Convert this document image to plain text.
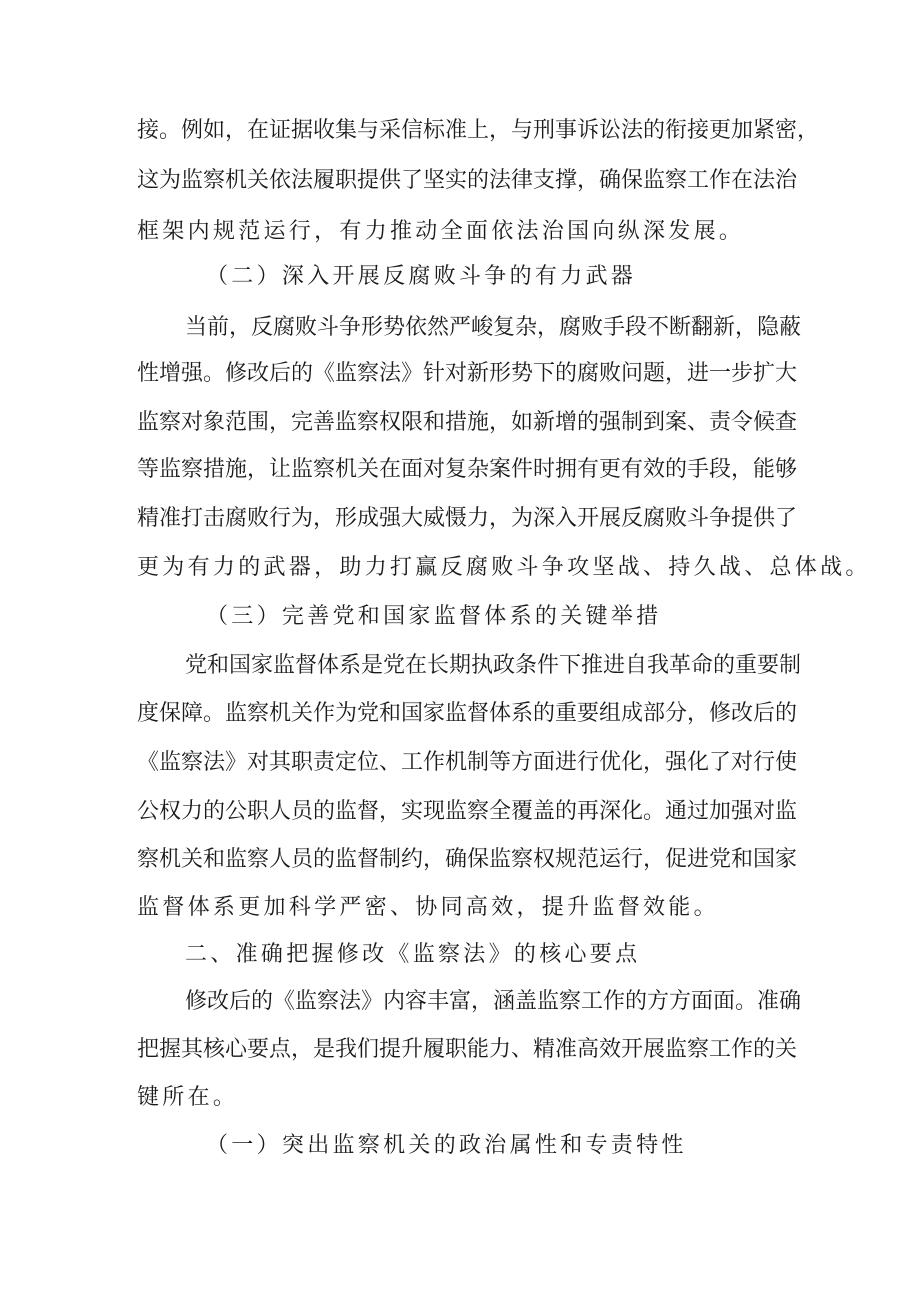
接。例如，在证据收集与采信标准上，与刑事诉讼法的衔接更加紧密，
这为监察机关依法履职提供了坚实的法律支撑，确保监察工作在法治
框架内规范运行，有力推动全面依法治国向纵深发展。
（二）深入开展反腐败斗争的有力武器
当前，反腐败斗争形势依然严峻复杂，腐败手段不断翻新，隐蔽
性增强。修改后的《监察法》针对新形势下的腐败问题，进一步扩大
监察对象范围，完善监察权限和措施，如新增的强制到案、责令候查
等监察措施，让监察机关在面对复杂案件时拥有更有效的手段，能够
精准打击腐败行为，形成强大威慑力，为深入开展反腐败斗争提供了
更为有力的武器，助力打赢反腐败斗争攻坚战、持久战、总体战。
（三）完善党和国家监督体系的关键举措
党和国家监督体系是党在长期执政条件下推进自我革命的重要制
度保障。监察机关作为党和国家监督体系的重要组成部分，修改后的
《监察法》对其职责定位、工作机制等方面进行优化，强化了对行使
公权力的公职人员的监督，实现监察全覆盖的再深化。通过加强对监
察机关和监察人员的监督制约，确保监察权规范运行，促进党和国家
监督体系更加科学严密、协同高效，提升监督效能。
二、准确把握修改《监察法》的核心要点
修改后的《监察法》内容丰富，涵盖监察工作的方方面面。准确
把握其核心要点，是我们提升履职能力、精准高效开展监察工作的关
键所在。
（一）突出监察机关的政治属性和专责特性
